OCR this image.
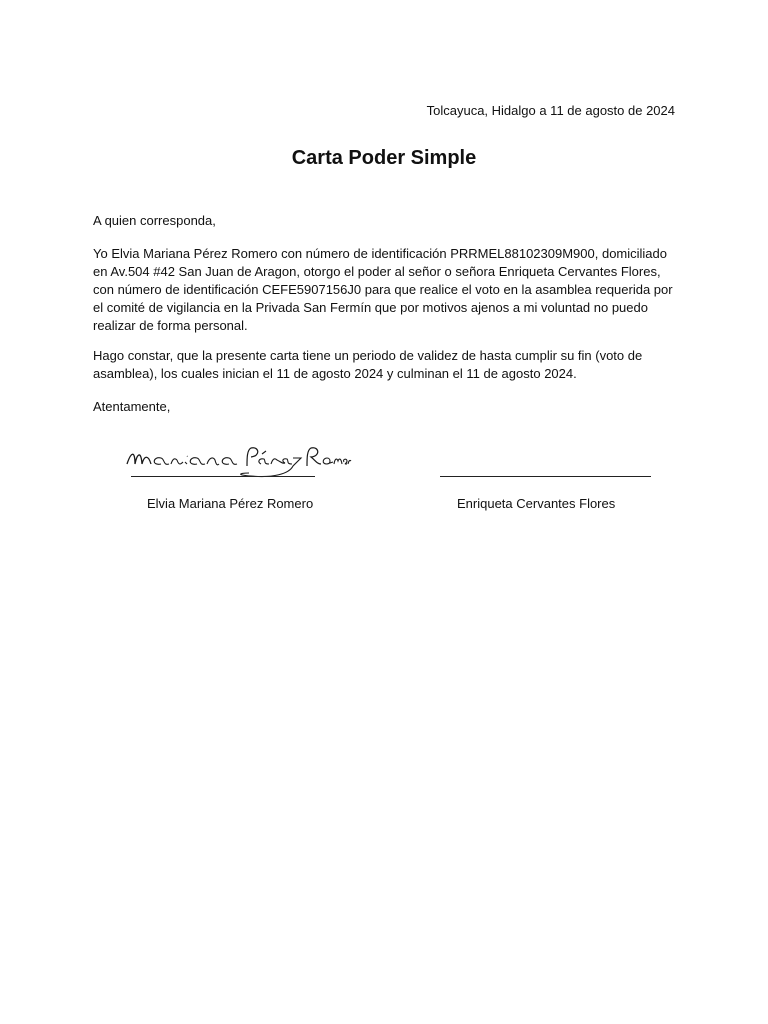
Tolcayuca, Hidalgo a 11 de agosto de 2024
Carta Poder Simple

A quien corresponda,

Yo Elvia Mariana Pérez Romero con número de identificación PRRMEL88102309M900, domiciliado en Av.504 #42 San Juan de Aragon, otorgo el poder al señor o señora Enriqueta Cervantes Flores, con número de identificación CEFE5907156J0 para que realice el voto en la asamblea requerida por el comité de vigilancia en la Privada San Fermín que por motivos ajenos a mi voluntad no puedo realizar de forma personal.

Hago constar, que la presente carta tiene un periodo de validez de hasta cumplir su fin (voto de asamblea), los cuales inician el 11 de agosto 2024 y culminan el 11 de agosto 2024.

Atentamente,

Elvia Mariana Pérez Romero	Enriqueta Cervantes Flores
